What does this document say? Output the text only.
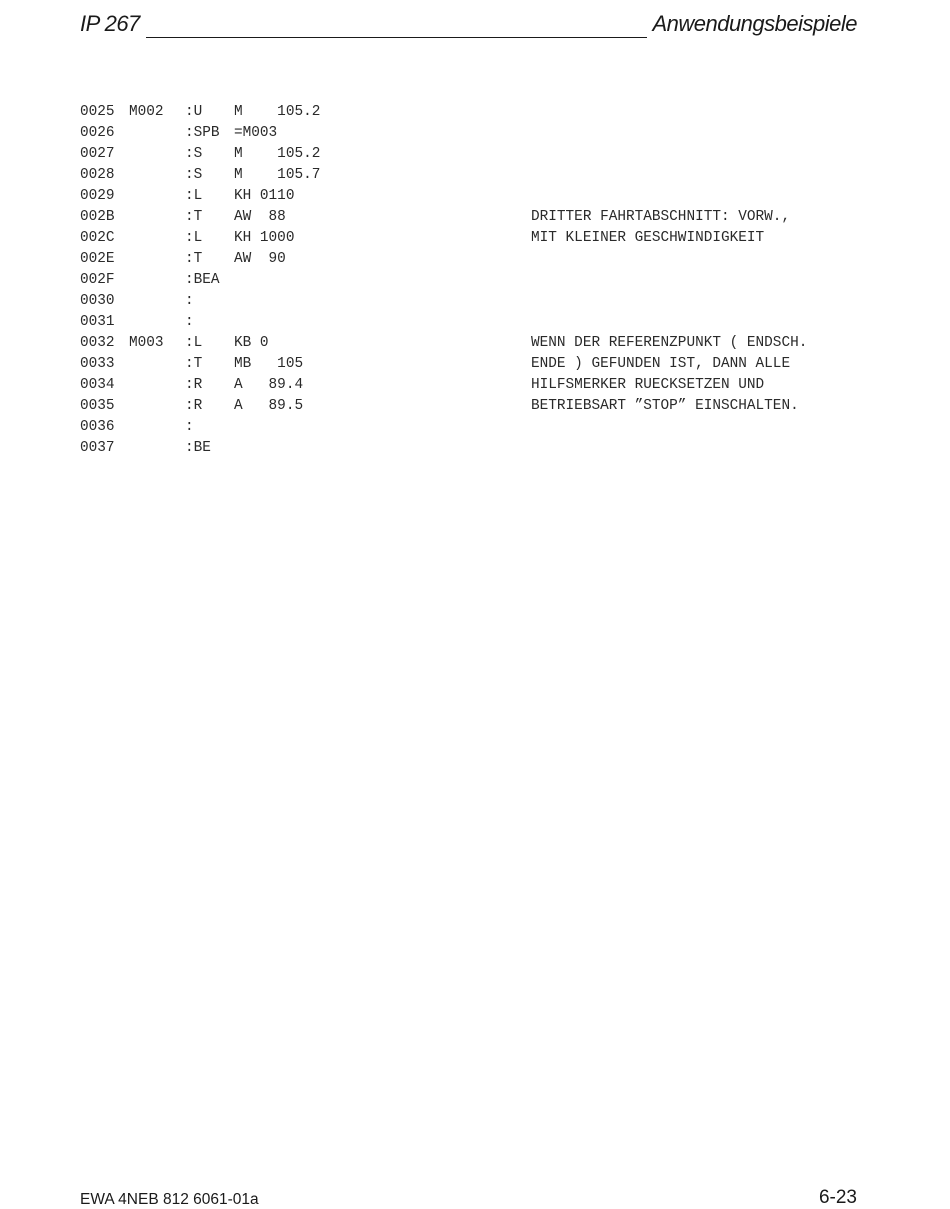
IP 267	Anwendungsbeispiele
0025 M002 :U M    105.2
0026	:SPB =M003
0027	:S M    105.2
0028	:S M    105.7
0029	:L KH 0110
002B	:T AW  88	DRITTER FAHRTABSCHNITT: VORW.,
002C	:L KH 1000	MIT KLEINER GESCHWINDIGKEIT
002E	:T AW  90
002F	:BEA
0030	:
0031	:
0032 M003 :L KB 0	WENN DER REFERENZPUNKT ( ENDSCH.
0033	:T MB   105	ENDE ) GEFUNDEN IST, DANN ALLE
0034	:R A   89.4	HILFSMERKER RUECKSETZEN UND
0035	:R A   89.5	BETRIEBSART ”STOP” EINSCHALTEN.
0036	:
0037	:BE
EWA 4NEB 812 6061-01a	6-23
